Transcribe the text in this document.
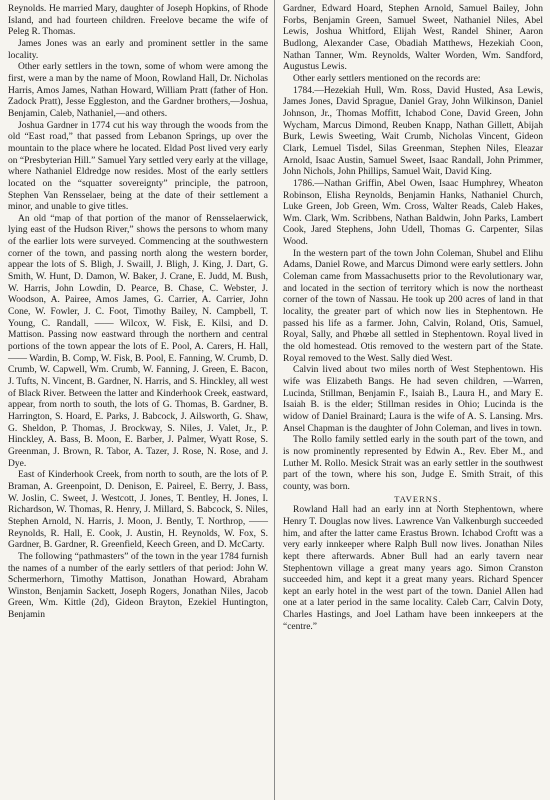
Reynolds. He married Mary, daughter of Joseph Hopkins, of Rhode Island, and had fourteen children. Freelove became the wife of Peleg R. Thomas.

James Jones was an early and prominent settler in the same locality.

Other early settlers in the town, some of whom were among the first, were a man by the name of Moon, Rowland Hall, Dr. Nicholas Harris, Amos James, Nathan Howard, William Pratt (father of Hon. Zadock Pratt), Jesse Eggleston, and the Gardner brothers,—Joshua, Benjamin, Caleb, Nathaniel,—and others.

Joshua Gardner in 1774 cut his way through the woods from the old “East road,” that passed from Lebanon Springs, up over the mountain to the place where he located. Eldad Post lived very early on “Presbyterian Hill.” Samuel Yary settled very early at the village, where Nathaniel Eldredge now resides. Most of the early settlers located on the “squatter sovereignty” principle, the patroon, Stephen Van Rensselaer, being at the date of their settlement a minor, and unable to give titles.

An old “map of that portion of the manor of Rensselaerwick, lying east of the Hudson River,” shows the persons to whom many of the earlier lots were surveyed. Commencing at the southwestern corner of the town, and passing north along the western border, appear the lots of S. Bligh, J. Swaill, J. Bligh, J. King, J. Dart, G. Smith, W. Hunt, D. Damon, W. Baker, J. Crane, E. Judd, M. Bush, W. Harris, John Lowdin, D. Pearce, B. Chase, C. Webster, J. Woodson, A. Pairee, Amos James, G. Carrier, A. Carrier, John Cone, W. Fowler, J. C. Foot, Timothy Bailey, N. Campbell, T. Young, C. Randall, —— Wilcox, W. Fisk, E. Kilsi, and D. Mattison. Passing now eastward through the northern and central portions of the town appear the lots of E. Pool, A. Carers, H. Hall, —— Wardin, B. Comp, W. Fisk, B. Pool, E. Fanning, W. Crumb, D. Crumb, W. Capwell, Wm. Crumb, W. Fanning, J. Green, E. Bacon, J. Tufts, N. Vincent, B. Gardner, N. Harris, and S. Hinckley, all west of Black River. Between the latter and Kinderhook Creek, eastward, appear, from north to south, the lots of G. Thomas, B. Gardner, B. Harrington, S. Hoard, E. Parks, J. Babcock, J. Ailsworth, G. Shaw, G. Sheldon, P. Thomas, J. Brockway, S. Niles, J. Valet, Jr., P. Hinckley, A. Bass, B. Moon, E. Barber, J. Palmer, Wyatt Rose, S. Greenman, J. Brown, R. Tabor, A. Tazer, J. Rose, N. Rose, and J. Dye.

East of Kinderhook Creek, from north to south, are the lots of P. Braman, A. Greenpoint, D. Denison, E. Paireel, E. Berry, J. Bass, W. Joslin, C. Sweet, J. Westcott, J. Jones, T. Bentley, H. Jones, I. Richardson, W. Thomas, R. Henry, J. Millard, S. Babcock, S. Niles, Stephen Arnold, N. Harris, J. Moon, J. Bently, T. Northrop, —— Reynolds, R. Hall, E. Cook, J. Austin, H. Reynolds, W. Fox, S. Gardner, B. Gardner, R. Greenfield, Keech Green, and D. McCarty.

The following “pathmasters” of the town in the year 1784 furnish the names of a number of the early settlers of that period: John W. Schermerhorn, Timothy Mattison, Jonathan Howard, Abraham Winston, Benjamin Sackett, Joseph Rogers, Jonathan Niles, Jacob Green, Wm. Kittle (2d), Gideon Brayton, Ezekiel Huntington, Benjamin

Gardner, Edward Hoard, Stephen Arnold, Samuel Bailey, John Forbs, Benjamin Green, Samuel Sweet, Nathaniel Niles, Abel Lewis, Joshua Whitford, Elijah West, Randel Shiner, Aaron Budlong, Alexander Case, Obadiah Matthews, Hezekiah Coon, Nathan Tanner, Wm. Reynolds, Walter Worden, Wm. Sandford, Augustus Lewis.

Other early settlers mentioned on the records are:

1784.—Hezekiah Hull, Wm. Ross, David Husted, Asa Lewis, James Jones, David Sprague, Daniel Gray, John Wilkinson, Daniel Johnson, Jr., Thomas Moffitt, Ichabod Cone, David Green, John Wycham, Marcus Dimond, Reuben Knapp, Nathan Gillett, Abijah Burk, Lewis Sweeting, Wait Crumb, Nicholas Vincent, Gideon Clark, Lemuel Tisdel, Silas Greenman, Stephen Niles, Eleazar Arnold, Isaac Austin, Samuel Sweet, Isaac Randall, John Primmer, John Nichols, John Phillips, Samuel Wait, David King.

1786.—Nathan Griffin, Abel Owen, Isaac Humphrey, Wheaton Robinson, Elisha Reynolds, Benjamin Hanks, Nathaniel Church, Luke Green, Job Green, Wm. Cross, Walter Reads, Caleb Hakes, Wm. Clark, Wm. Scribbens, Nathan Baldwin, John Parks, Lambert Cook, Jared Stephens, John Udell, Thomas G. Carpenter, Silas Wood.

In the western part of the town John Coleman, Shubel and Elihu Adams, Daniel Rowe, and Marcus Dimond were early settlers. John Coleman came from Massachusetts prior to the Revolutionary war, and located in the section of territory which is now the northeast corner of the town of Nassau. He took up 200 acres of land in that locality, the greater part of which now lies in Stephentown. He passed his life as a farmer. John, Calvin, Roland, Otis, Samuel, Royal, Sally, and Phœbe all settled in Stephentown. Royal lived in the old homestead. Otis removed to the western part of the State. Royal removed to the West. Sally died West.

Calvin lived about two miles north of West Stephentown. His wife was Elizabeth Bangs. He had seven children, —Warren, Lucinda, Stillman, Benjamin F., Isaiah B., Laura H., and Mary E. Isaiah B. is the elder; Stillman resides in Ohio; Lucinda is the widow of Daniel Brainard; Laura is the wife of A. S. Lansing. Mrs. Ansel Chapman is the daughter of John Coleman, and lives in town.

The Rollo family settled early in the south part of the town, and is now prominently represented by Edwin A., Rev. Eber M., and Luther M. Rollo. Mesick Strait was an early settler in the southwest part of the town, where his son, Judge E. Smith Strait, of this county, was born.

TAVERNS.

Rowland Hall had an early inn at North Stephentown, where Henry T. Douglas now lives. Lawrence Van Valkenburgh succeeded him, and after the latter came Erastus Brown. Ichabod Croftt was a very early innkeeper where Ralph Bull now lives. Jonathan Niles kept there afterwards. Abner Bull had an early tavern near Stephentown village a great many years ago. Simon Cranston succeeded him, and kept it a great many years. Richard Spencer kept an early hotel in the west part of the town. Daniel Allen had one at a later period in the same locality. Caleb Carr, Calvin Doty, Charles Hastings, and Joel Latham have been innkeepers at the “centre.”
